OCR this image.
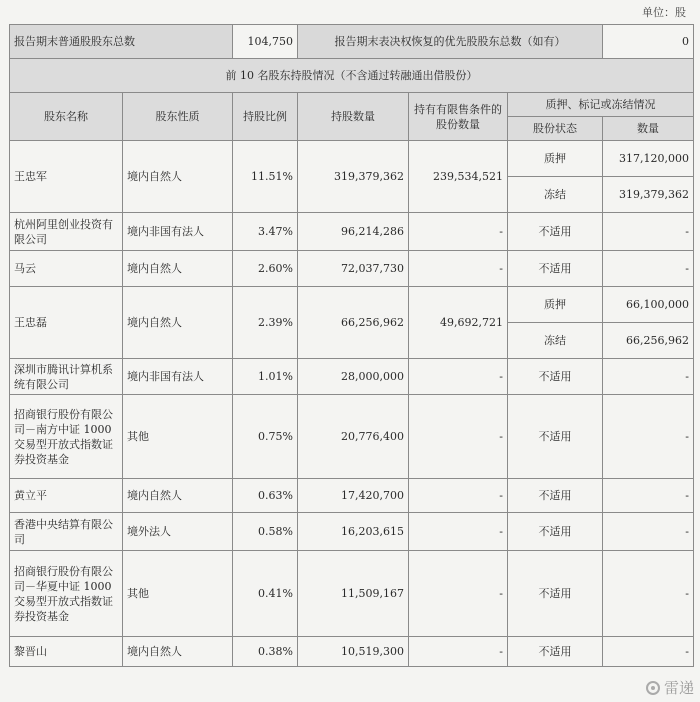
单位：股
报告期末普通股股东总数		104,750	报告期末表决权恢复的优先股股东总数（如有）			0
前 10 名股东持股情况（不含通过转融通出借股份）						
股东名称	股东性质	持股比例	持股数量	持有有限售条件的股份数量	质押、标记或冻结情况	
					股份状态	数量
王忠军	境内自然人	11.51%	319,379,362	239,534,521	质押	317,120,000
					冻结	319,379,362
杭州阿里创业投资有限公司	境内非国有法人	3.47%	96,214,286	-	不适用	-
马云	境内自然人	2.60%	72,037,730	-	不适用	-
王忠磊	境内自然人	2.39%	66,256,962	49,692,721	质押	66,100,000
					冻结	66,256,962
深圳市腾讯计算机系统有限公司	境内非国有法人	1.01%	28,000,000	-	不适用	-
招商银行股份有限公司－南方中证 1000 交易型开放式指数证券投资基金	其他	0.75%	20,776,400	-	不适用	-
黄立平	境内自然人	0.63%	17,420,700	-	不适用	-
香港中央结算有限公司	境外法人	0.58%	16,203,615	-	不适用	-
招商银行股份有限公司－华夏中证 1000 交易型开放式指数证券投资基金	其他	0.41%	11,509,167	-	不适用	-
黎晋山	境内自然人	0.38%	10,519,300	-	不适用	-
雷递
